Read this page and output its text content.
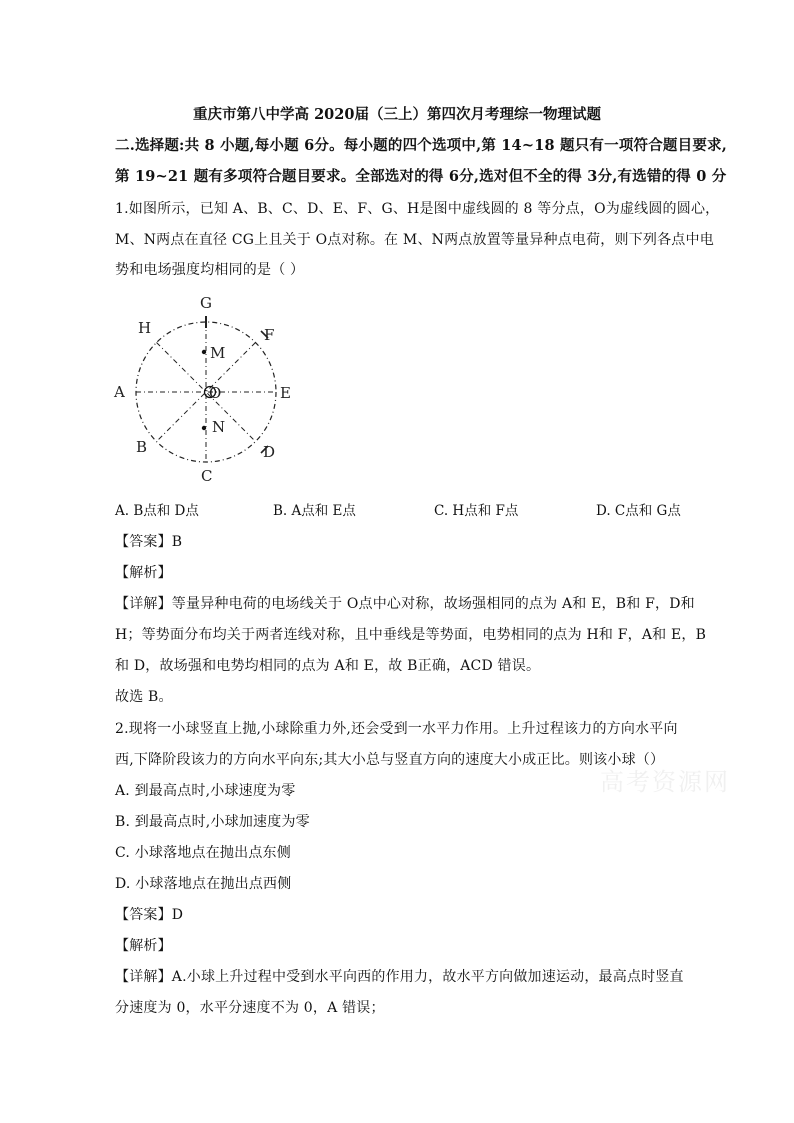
重庆市第八中学高 2020届（三上）第四次月考理综一物理试题
二.选择题:共 8 小题,每小题 6分。每小题的四个选项中,第 14~18 题只有一项符合题目要求,
第 19~21 题有多项符合题目要求。全部选对的得 6分,选对但不全的得 3分,有选错的得 0 分
1.如图所示，已知 A、B、C、D、E、F、G、H是图中虚线圆的 8 等分点，O为虚线圆的圆心，
M、N两点在直径 CG上且关于 O点对称。在 M、N两点放置等量异种点电荷，则下列各点中电
势和电场强度均相同的是（ ）
G
H	F
A	E
B	D
C
M
N
O
A. B点和 D点	B. A点和 E点	C. H点和 F点	D. C点和 G点
【答案】B
【解析】
【详解】等量异种电荷的电场线关于 O点中心对称，故场强相同的点为 A和 E，B和 F，D和
H；等势面分布均关于两者连线对称，且中垂线是等势面，电势相同的点为 H和 F，A和 E，B
和 D，故场强和电势均相同的点为 A和 E，故 B正确，ACD 错误。
故选 B。
2.现将一小球竖直上抛,小球除重力外,还会受到一水平力作用。上升过程该力的方向水平向
西,下降阶段该力的方向水平向东;其大小总与竖直方向的速度大小成正比。则该小球（）
A. 到最高点时,小球速度为零
B. 到最高点时,小球加速度为零
C. 小球落地点在抛出点东侧
D. 小球落地点在抛出点西侧
【答案】D
【解析】
【详解】A.小球上升过程中受到水平向西的作用力，故水平方向做加速运动，最高点时竖直
分速度为 0，水平分速度不为 0，A 错误；
高考资源网
